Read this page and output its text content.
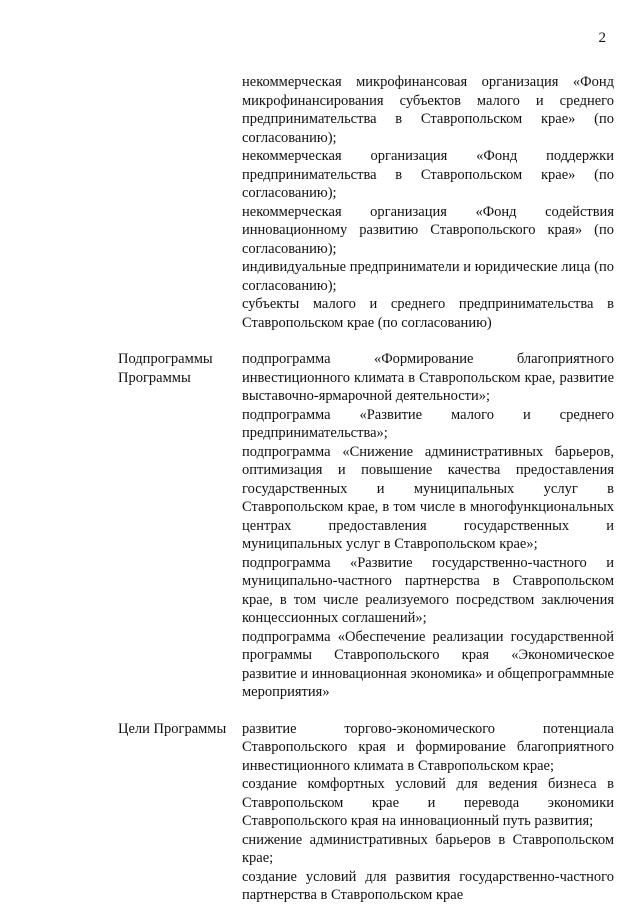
2

некоммерческая микрофинансовая организация «Фонд микрофинансирования субъектов малого и среднего предпринимательства в Ставропольском крае» (по согласованию);

некоммерческая организация «Фонд поддержки предпринимательства в Ставропольском крае» (по согласованию);

некоммерческая организация «Фонд содействия инновационному развитию Ставропольского края» (по согласованию);

индивидуальные предприниматели и юридические лица (по согласованию);

субъекты малого и среднего предпринимательства в Ставропольском крае (по согласованию)

Подпрограммы Программы

подпрограмма «Формирование благоприятного инвестиционного климата в Ставропольском крае, развитие выставочно-ярмарочной деятельности»;

подпрограмма «Развитие малого и среднего предпринимательства»;

подпрограмма «Снижение административных барьеров, оптимизация и повышение качества предоставления государственных и муниципальных услуг в Ставропольском крае, в том числе в многофункциональных центрах предоставления государственных и муниципальных услуг в Ставропольском крае»;

подпрограмма «Развитие государственно-частного и муниципально-частного партнерства в Ставропольском крае, в том числе реализуемого посредством заключения концессионных соглашений»;

подпрограмма «Обеспечение реализации государственной программы Ставропольского края «Экономическое развитие и инновационная экономика» и общепрограммные мероприятия»

Цели Программы	развитие торгово-экономического потенциала Ставропольского края и формирование благоприятного инвестиционного климата в Ставропольском крае;

создание комфортных условий для ведения бизнеса в Ставропольском крае и перевода экономики Ставропольского края на инновационный путь развития;

снижение административных барьеров в Ставропольском крае;

создание условий для развития государственно-частного партнерства в Ставропольском крае
